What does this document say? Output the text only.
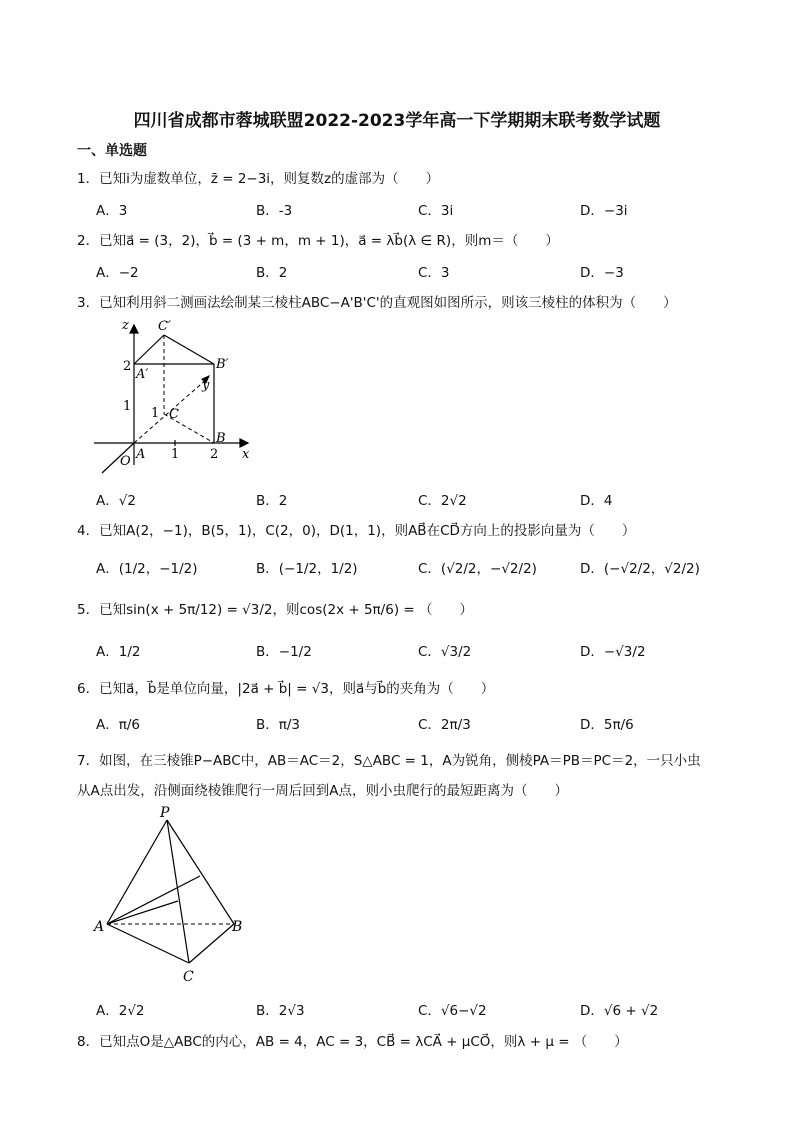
四川省成都市蓉城联盟2022-2023学年高一下学期期末联考数学试题
一、单选题
1．已知i为虚数单位，z̄ = 2−3i，则复数z的虚部为（　　）
A．3	B．-3	C．3i	D．−3i
2．已知a⃗ = (3，2)，b⃗ = (3 + m，m + 1)，a⃗ = λb⃗(λ ∈ R)，则m＝（　　）
A．−2	B．2	C．3	D．−3
3．已知利用斜二测画法绘制某三棱柱ABC−A'B'C'的直观图如图所示，则该三棱柱的体积为（　　）
z
x
y
O A
B
C
A′
B′
C′
1 2
1
2
1
A．√2	B．2	C．2√2	D．4
4．已知A(2，−1)，B(5，1)，C(2，0)，D(1，1)，则AB⃗在CD⃗方向上的投影向量为（　　）
A．(1/2，−1/2)	B．(−1/2，1/2)	C．(√2/2，−√2/2)	D．(−√2/2，√2/2)
5．已知sin(x + 5π/12) = √3/2，则cos(2x + 5π/6) = （　　）
A．1/2	B．−1/2	C．√3/2	D．−√3/2
6．已知a⃗，b⃗是单位向量，|2a⃗ + b⃗| = √3，则a⃗与b⃗的夹角为（　　）
A．π/6	B．π/3	C．2π/3	D．5π/6
7．如图，在三棱锥P−ABC中，AB＝AC＝2，S△ABC = 1，A为锐角，侧棱PA＝PB＝PC＝2，一只小虫
从A点出发，沿侧面绕棱锥爬行一周后回到A点，则小虫爬行的最短距离为（　　）
P
A	B
C
A．2√2	B．2√3	C．√6−√2	D．√6 + √2
8．已知点O是△ABC的内心，AB = 4，AC = 3，CB⃗ = λCA⃗ + μCO⃗，则λ + μ = （　　）
